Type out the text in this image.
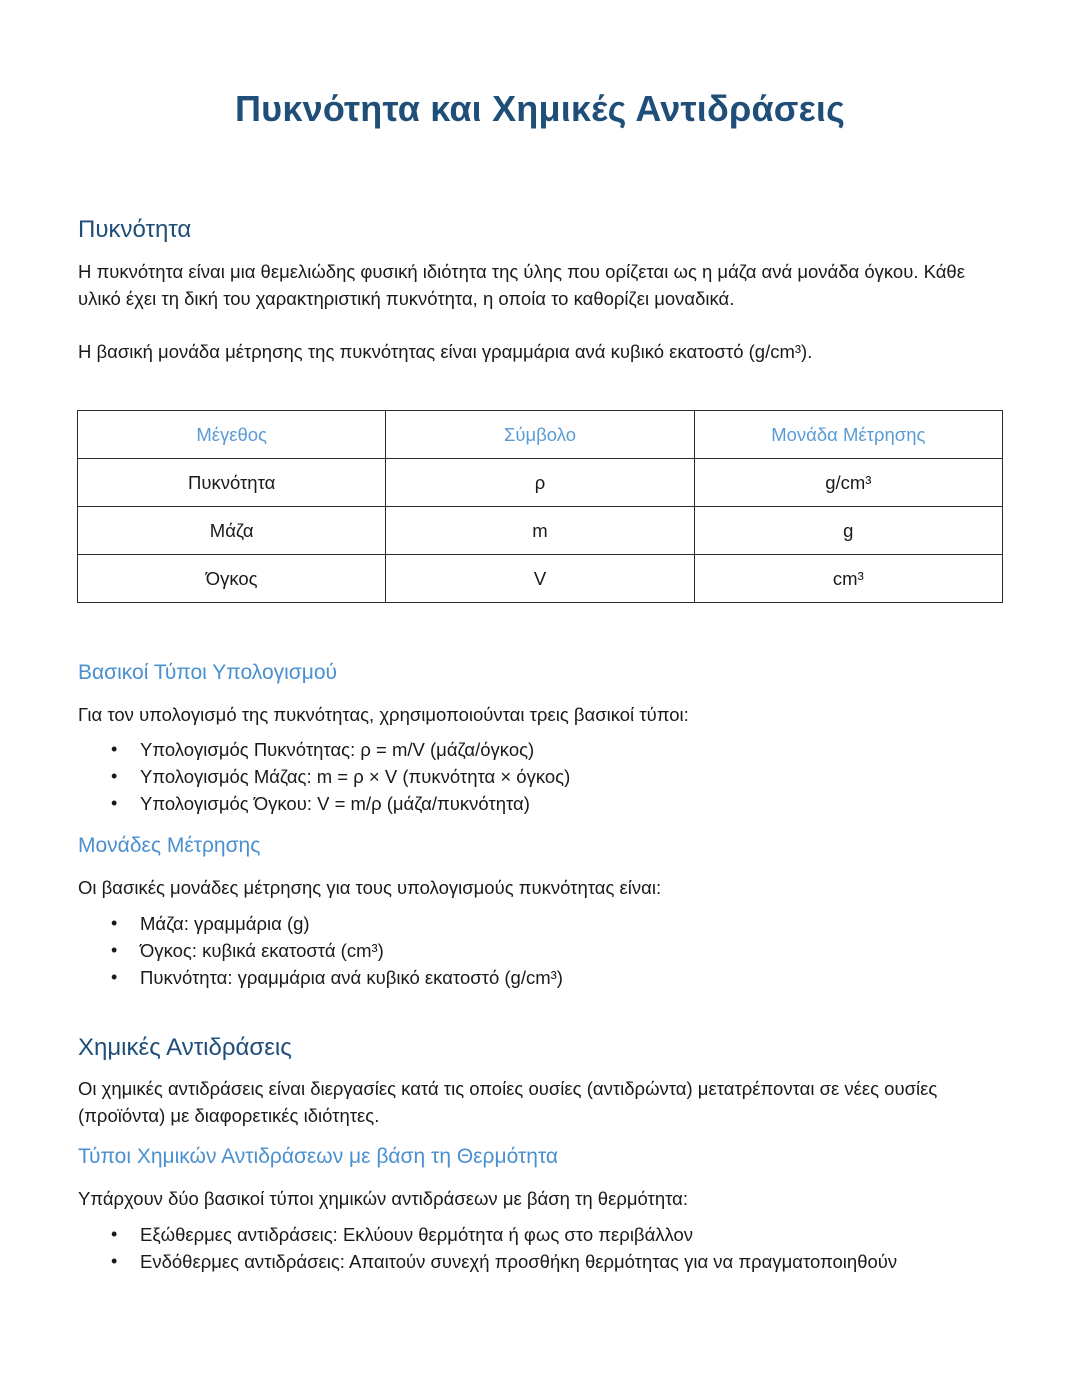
Πυκνότητα και Χημικές Αντιδράσεις
Πυκνότητα

Η πυκνότητα είναι μια θεμελιώδης φυσική ιδιότητα της ύλης που ορίζεται ως η μάζα ανά μονάδα όγκου. Κάθε υλικό έχει τη δική του χαρακτηριστική πυκνότητα, η οποία το καθορίζει μοναδικά.

Η βασική μονάδα μέτρησης της πυκνότητας είναι γραμμάρια ανά κυβικό εκατοστό (g/cm³).

Μέγεθος	Σύμβολο	Μονάδα Μέτρησης
Πυκνότητα	ρ	g/cm³
Μάζα	m	g
Όγκος	V	cm³
Βασικοί Τύποι Υπολογισμού

Για τον υπολογισμό της πυκνότητας, χρησιμοποιούνται τρεις βασικοί τύποι:

• Υπολογισμός Πυκνότητας: ρ = m/V (μάζα/όγκος)
• Υπολογισμός Μάζας: m = ρ × V (πυκνότητα × όγκος)
• Υπολογισμός Όγκου: V = m/ρ (μάζα/πυκνότητα)
Μονάδες Μέτρησης

Οι βασικές μονάδες μέτρησης για τους υπολογισμούς πυκνότητας είναι:

• Μάζα: γραμμάρια (g)
• Όγκος: κυβικά εκατοστά (cm³)
• Πυκνότητα: γραμμάρια ανά κυβικό εκατοστό (g/cm³)
Χημικές Αντιδράσεις

Οι χημικές αντιδράσεις είναι διεργασίες κατά τις οποίες ουσίες (αντιδρώντα) μετατρέπονται σε νέες ουσίες (προϊόντα) με διαφορετικές ιδιότητες.

Τύποι Χημικών Αντιδράσεων με βάση τη Θερμότητα

Υπάρχουν δύο βασικοί τύποι χημικών αντιδράσεων με βάση τη θερμότητα:

• Εξώθερμες αντιδράσεις: Εκλύουν θερμότητα ή φως στο περιβάλλον
• Ενδόθερμες αντιδράσεις: Απαιτούν συνεχή προσθήκη θερμότητας για να πραγματοποιηθούν
